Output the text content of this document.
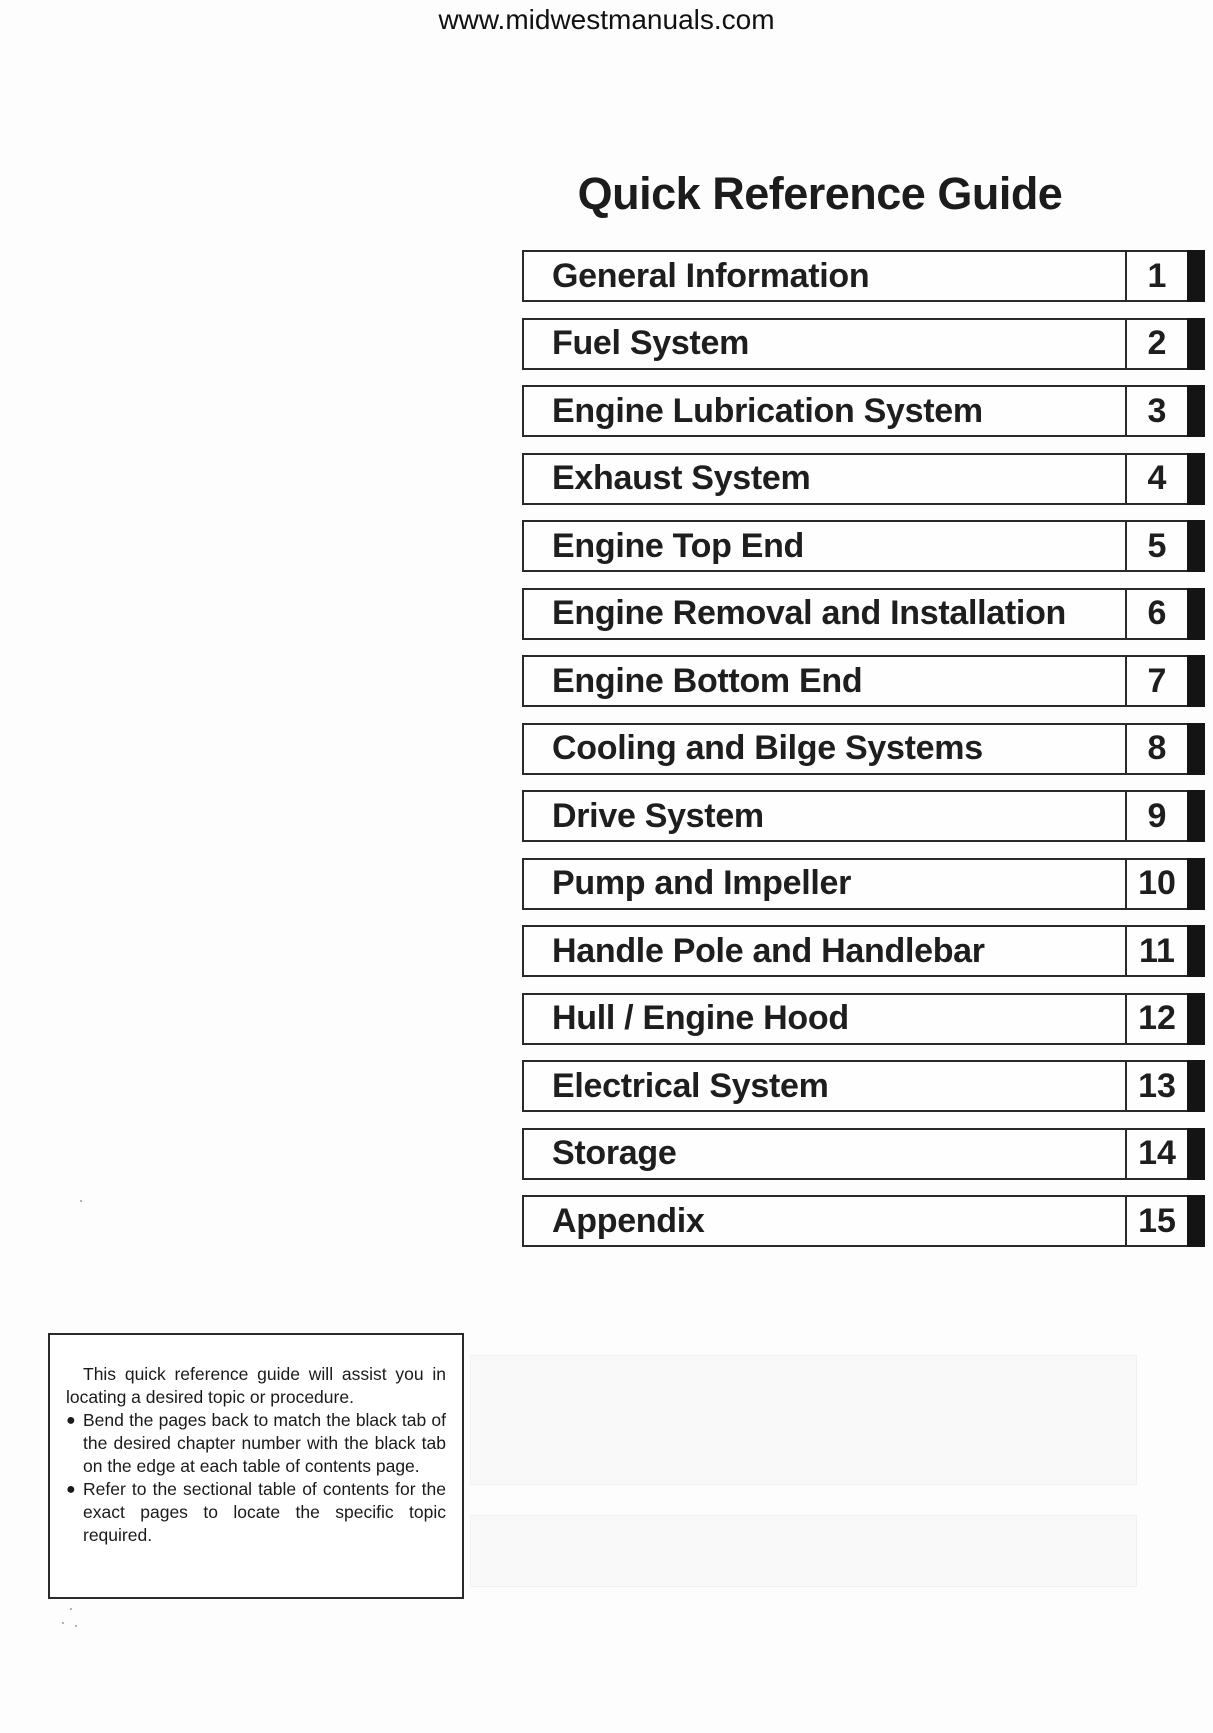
www.midwestmanuals.com
Quick Reference Guide
General Information	1
Fuel System	2
Engine Lubrication System	3
Exhaust System	4
Engine Top End	5
Engine Removal and Installation	6
Engine Bottom End	7
Cooling and Bilge Systems	8
Drive System	9
Pump and Impeller	10
Handle Pole and Handlebar	11
Hull / Engine Hood	12
Electrical System	13
Storage	14
Appendix	15

This quick reference guide will assist you in locating a desired topic or procedure.

● Bend the pages back to match the black tab of the desired chapter number with the black tab on the edge at each table of contents page.
● Refer to the sectional table of contents for the exact pages to locate the specific topic required.
